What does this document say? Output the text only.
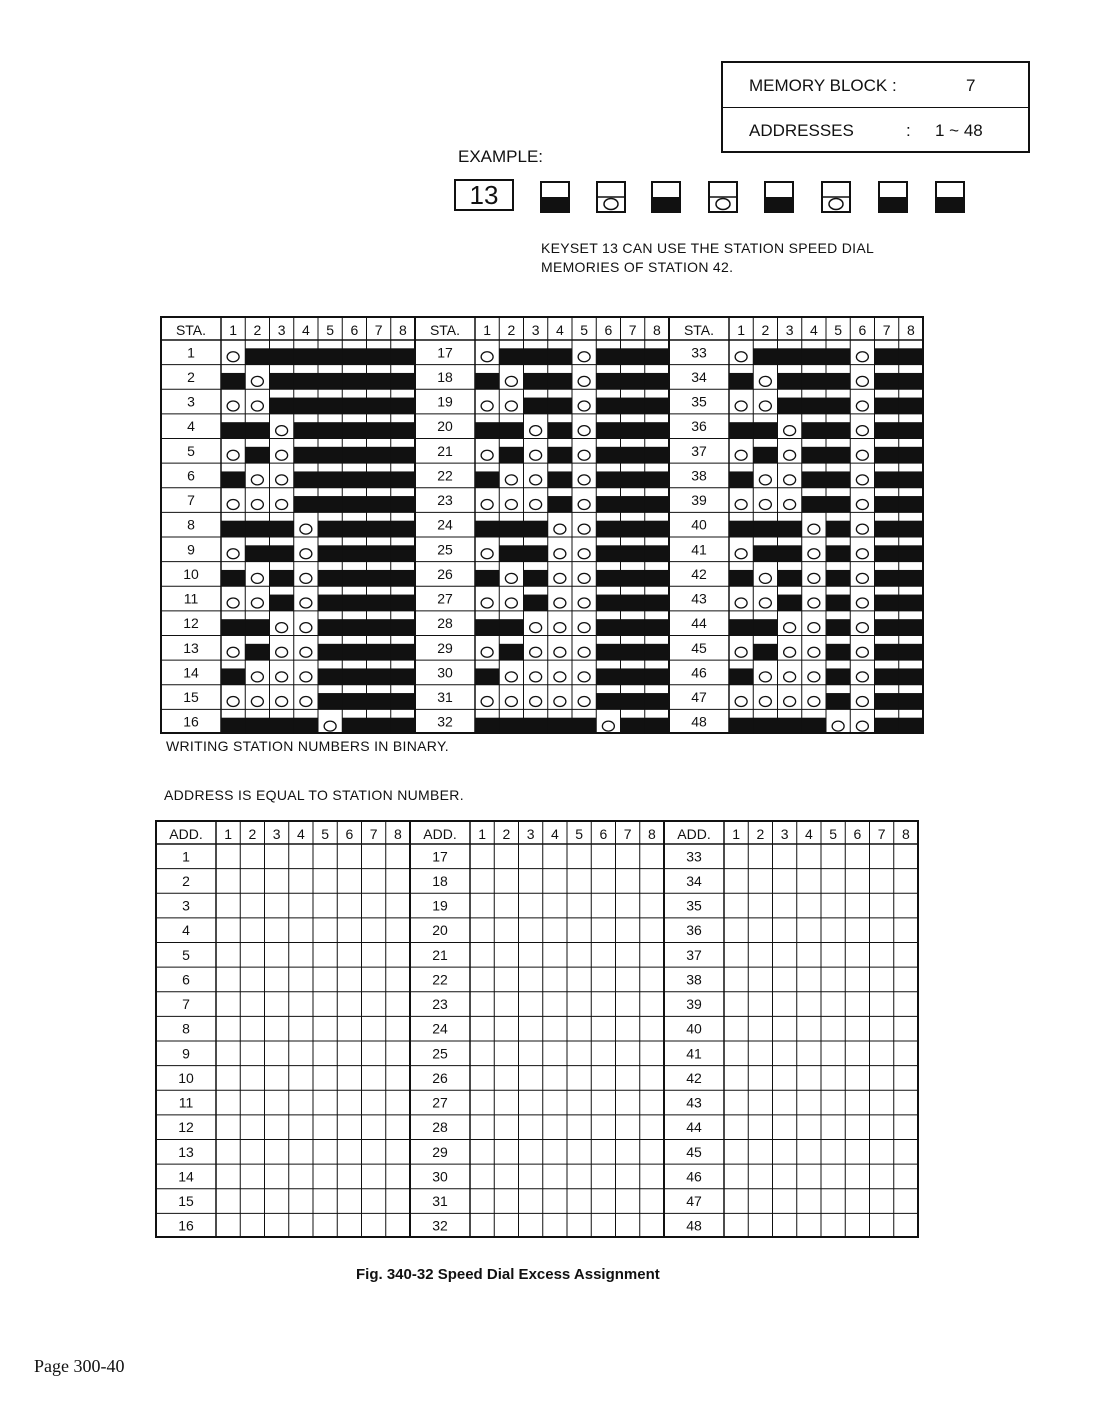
MEMORY BLOCK :	7
ADDRESSES	: 1 ~ 48
EXAMPLE:
13
KEYSET 13 CAN USE THE STATION SPEED DIAL
MEMORIES OF STATION 42.
STA. 1 2 3 4 5 6 7 8
1
2
3
4
5
6
7
8
9
10
11
12
13
14
15
16
STA. 1 2 3 4 5 6 7 8
17
18
19
20
21
22
23
24
25
26
27
28
29
30
31
32
STA. 1 2 3 4 5 6 7 8
33
34
35
36
37
38
39
40
41
42
43
44
45
46
47
48
WRITING STATION NUMBERS IN BINARY.
ADDRESS IS EQUAL TO STATION NUMBER.
ADD. 1 2 3 4 5 6 7 8
1
2
3
4
5
6
7
8
9
10
11
12
13
14
15
16
ADD. 1 2 3 4 5 6 7 8
17
18
19
20
21
22
23
24
25
26
27
28
29
30
31
32
ADD. 1 2 3 4 5 6 7 8
33
34
35
36
37
38
39
40
41
42
43
44
45
46
47
48
Fig. 340-32 Speed Dial Excess Assignment
Page 300-40
